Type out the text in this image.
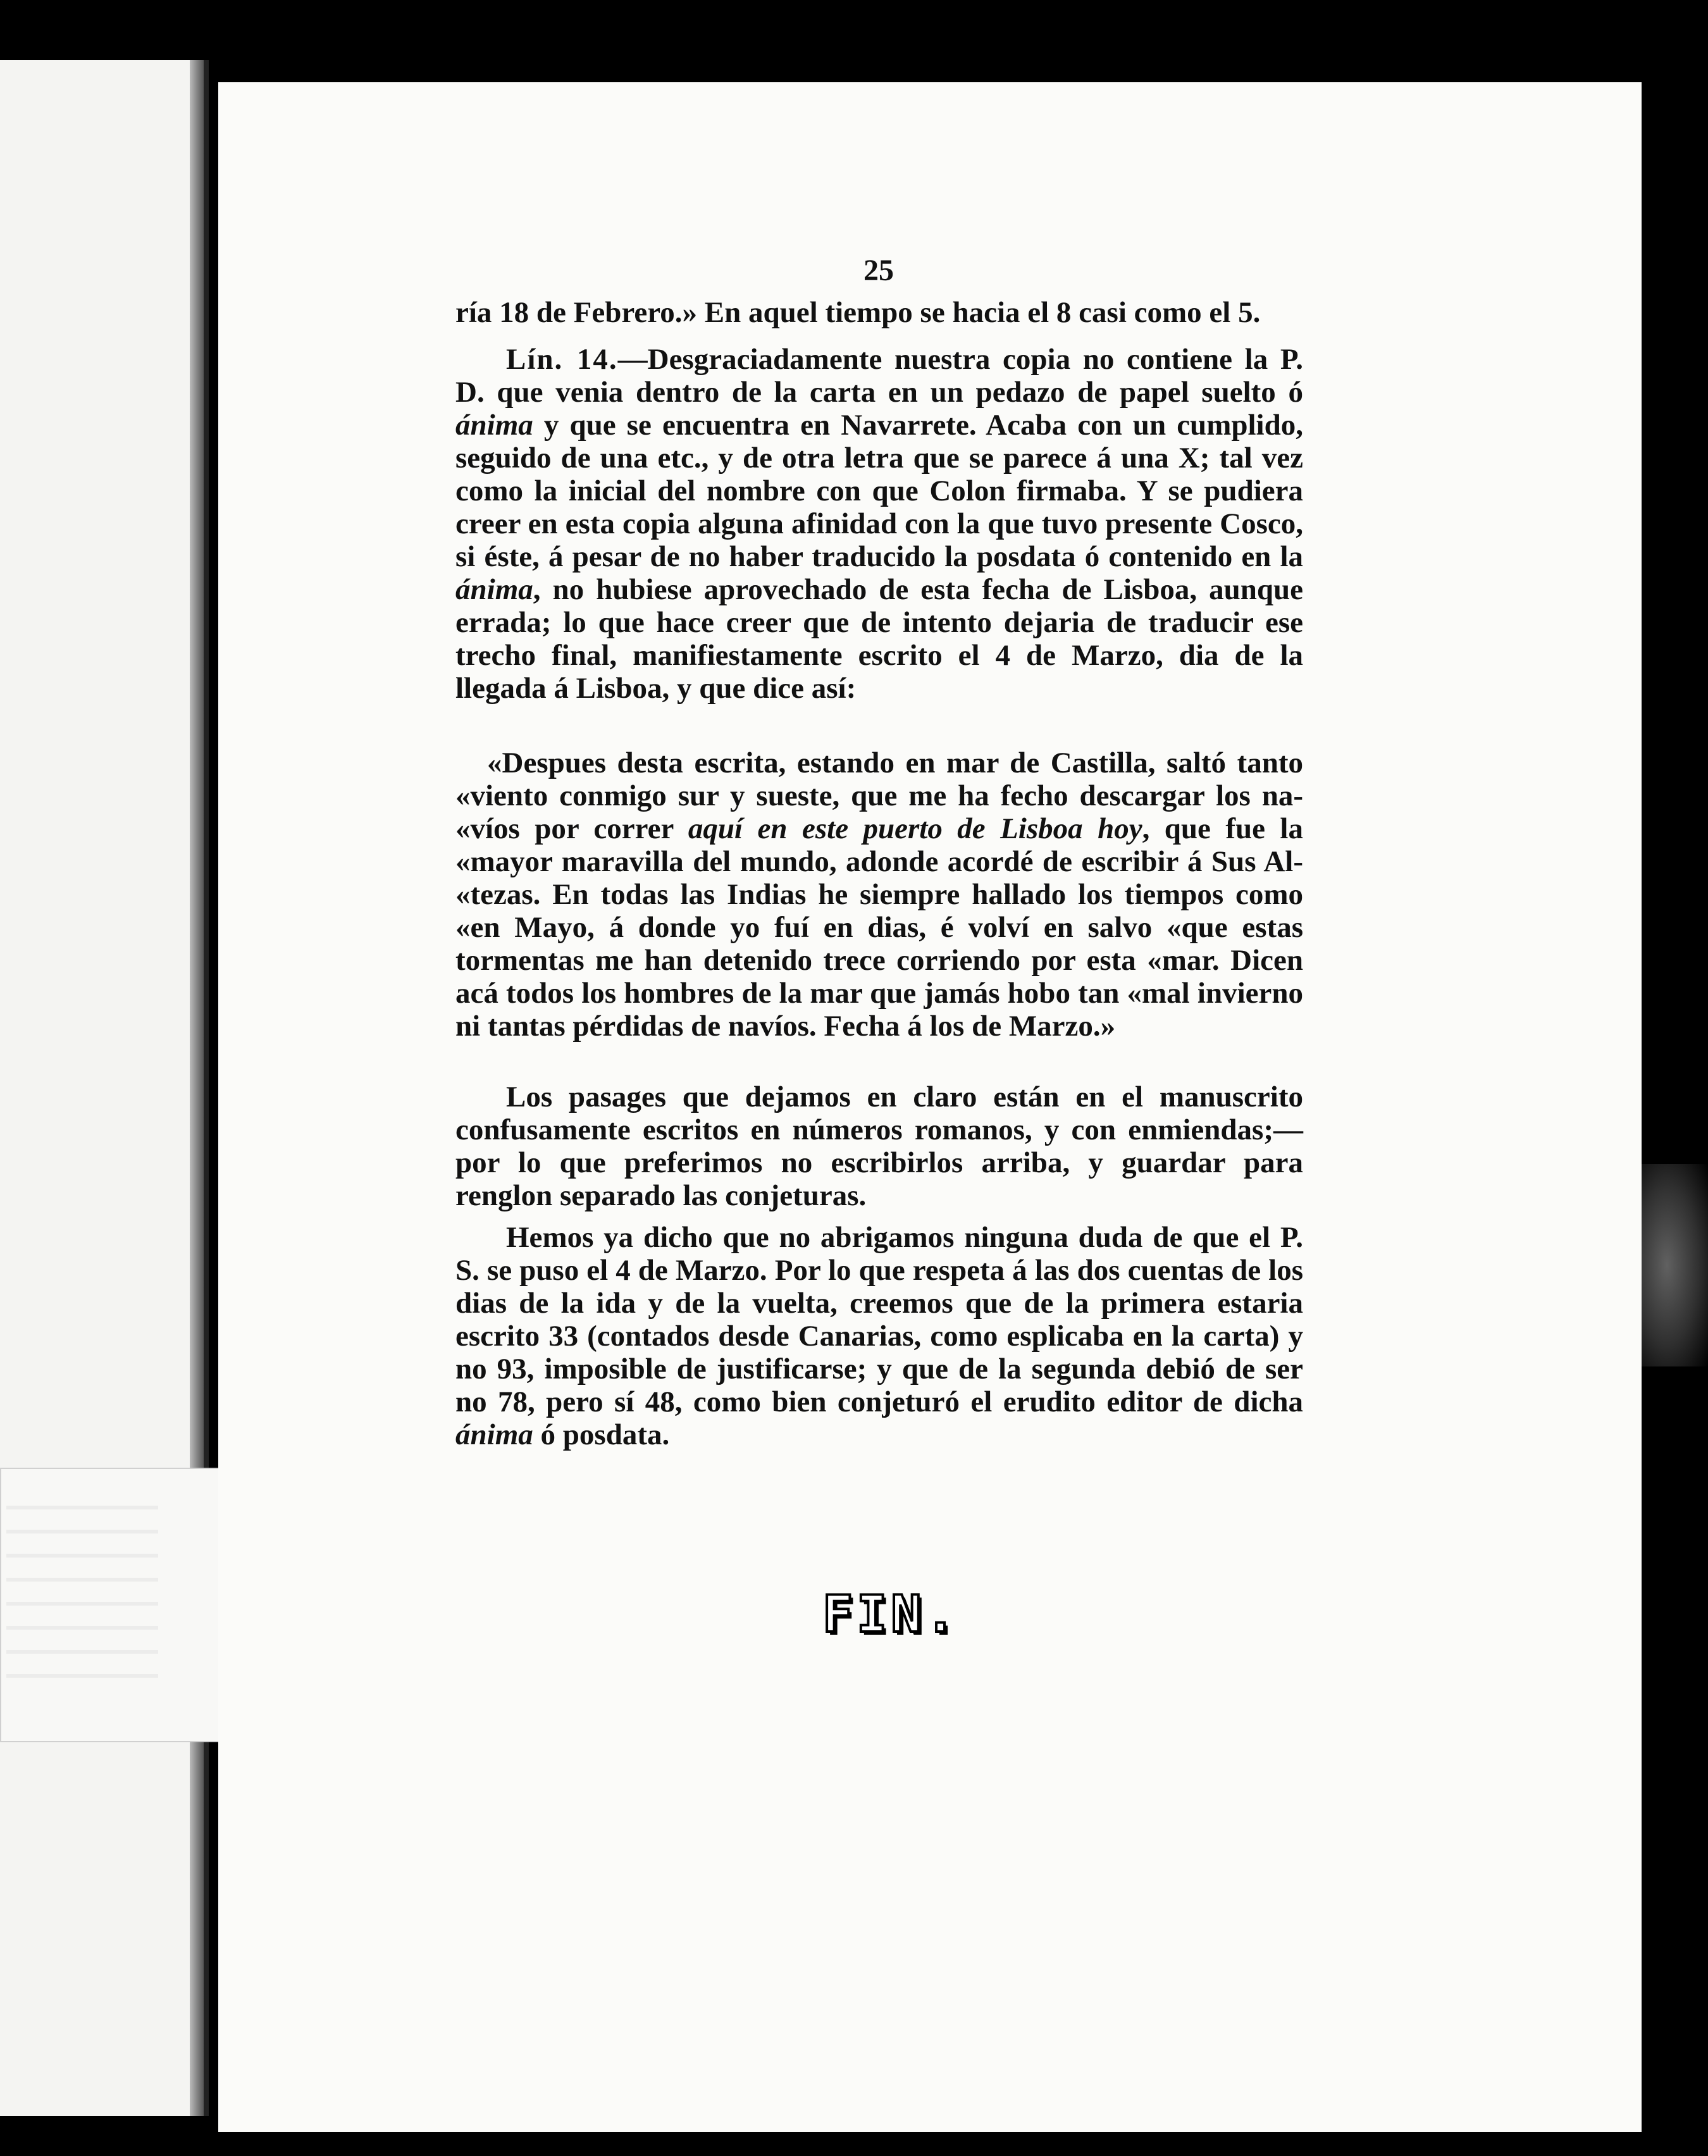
25

ría 18 de Febrero.» En aquel tiempo se hacia el 8 casi como el 5.

Lín. 14.—Desgraciadamente nuestra copia no contiene la P. D. que venia dentro de la carta en un pedazo de papel suelto ó ánima y que se encuentra en Navarrete. Acaba con un cumplido, seguido de una etc., y de otra letra que se parece á una X; tal vez como la inicial del nombre con que Colon firmaba. Y se pudiera creer en esta copia alguna afinidad con la que tuvo presente Cosco, si éste, á pesar de no haber traducido la posdata ó contenido en la ánima, no hubiese aprovechado de esta fecha de Lisboa, aunque errada; lo que hace creer que de intento dejaria de traducir ese trecho final, manifiestamente escrito el 4 de Marzo, dia de la llegada á Lisboa, y que dice así:

«Despues desta escrita, estando en mar de Castilla, saltó tanto «viento conmigo sur y sueste, que me ha fecho descargar los na- «víos por correr aquí en este puerto de Lisboa hoy, que fue la «mayor maravilla del mundo, adonde acordé de escribir á Sus Al- «tezas. En todas las Indias he siempre hallado los tiempos como «en Mayo, á donde yo fuí en dias, é volví en salvo «que estas tormentas me han detenido trece corriendo por esta «mar. Dicen acá todos los hombres de la mar que jamás hobo tan «mal invierno ni tantas pérdidas de navíos. Fecha á los de Marzo.»

Los pasages que dejamos en claro están en el manuscrito confusamente escritos en números romanos, y con enmiendas;—por lo que preferimos no escribirlos arriba, y guardar para renglon separado las conjeturas.

Hemos ya dicho que no abrigamos ninguna duda de que el P. S. se puso el 4 de Marzo. Por lo que respeta á las dos cuentas de los dias de la ida y de la vuelta, creemos que de la primera estaria escrito 33 (contados desde Canarias, como esplicaba en la carta) y no 93, imposible de justificarse; y que de la segunda debió de ser no 78, pero sí 48, como bien conjeturó el erudito editor de dicha ánima ó posdata.

FIN.
